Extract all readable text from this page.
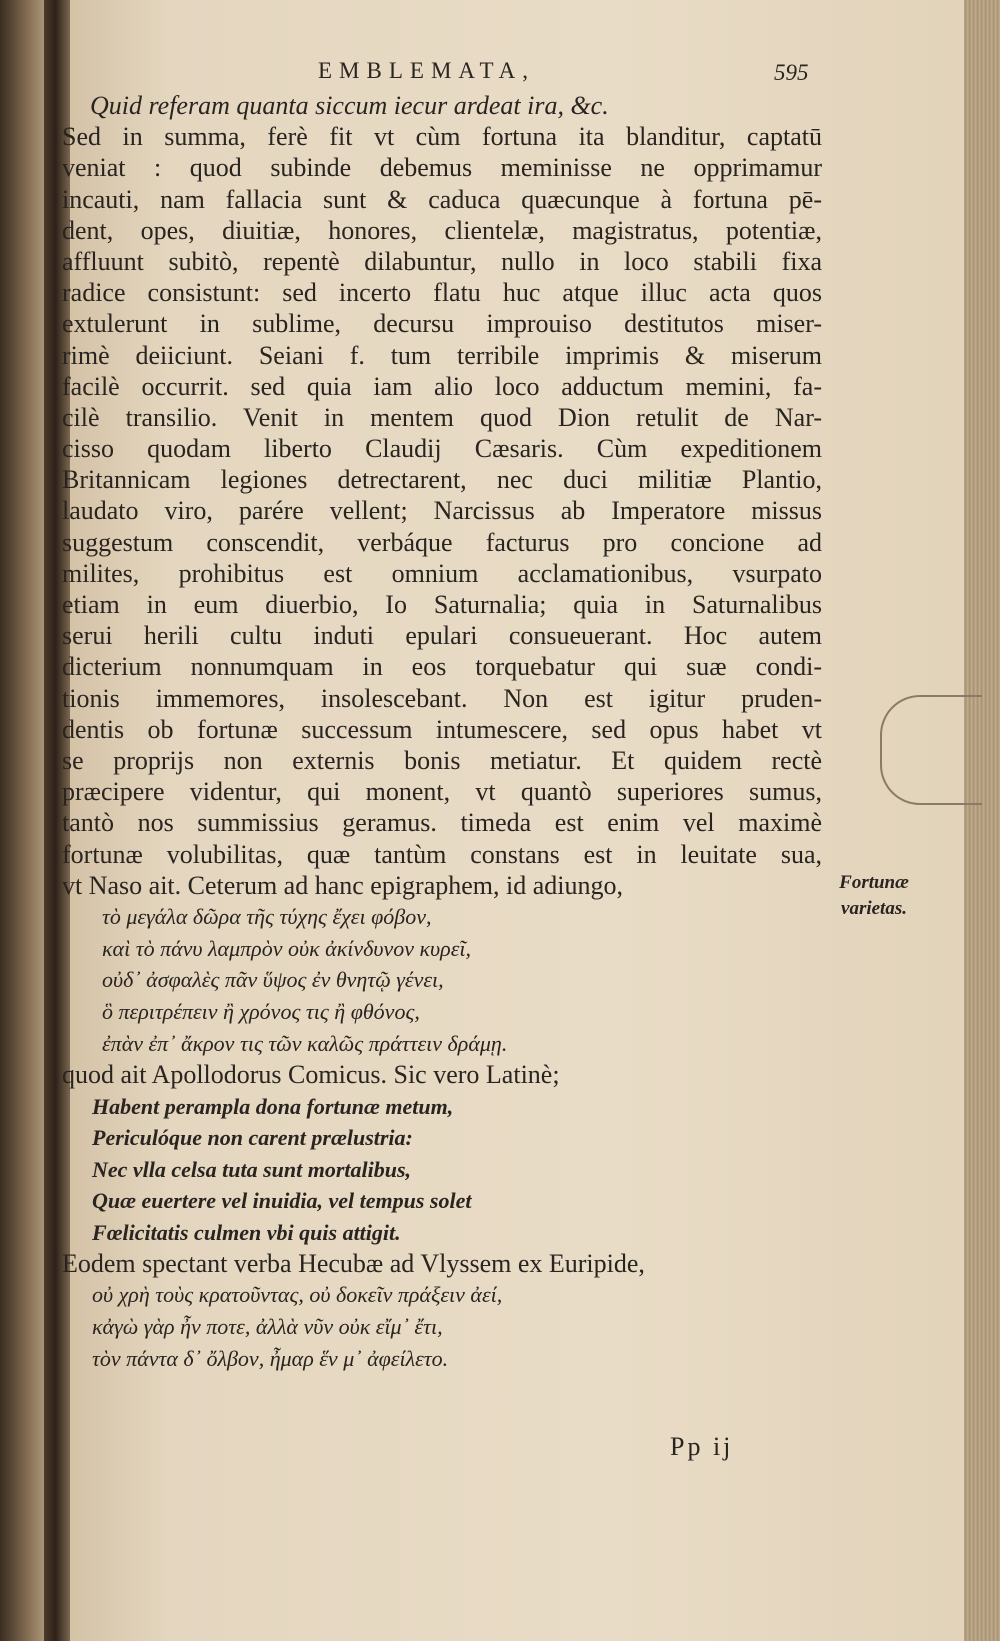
EMBLEMATA,	595
Quid referam quanta siccum iecur ardeat ira, &c.
Sed in summa, ferè fit vt cùm fortuna ita blanditur, captatū
veniat : quod subinde debemus meminisse ne opprimamur
incauti, nam fallacia sunt & caduca quæcunque à fortuna pē-
dent, opes, diuitiæ, honores, clientelæ, magistratus, potentiæ,
affluunt subitò, repentè dilabuntur, nullo in loco stabili fixa
radice consistunt: sed incerto flatu huc atque illuc acta quos
extulerunt in sublime, decursu improuiso destitutos miser-
rimè deiiciunt. Seiani f. tum terribile imprimis & miserum
facilè occurrit. sed quia iam alio loco adductum memini, fa-
cilè transilio. Venit in mentem quod Dion retulit de Nar-
cisso quodam liberto Claudij Cæsaris. Cùm expeditionem
Britannicam legiones detrectarent, nec duci militiæ Plantio,
laudato viro, parére vellent; Narcissus ab Imperatore missus
suggestum conscendit, verbáque facturus pro concione ad
milites, prohibitus est omnium acclamationibus, vsurpato
etiam in eum diuerbio, Io Saturnalia; quia in Saturnalibus
serui herili cultu induti epulari consueuerant. Hoc autem
dicterium nonnumquam in eos torquebatur qui suæ condi-
tionis immemores, insolescebant. Non est igitur pruden-
dentis ob fortunæ successum intumescere, sed opus habet vt
se proprijs non externis bonis metiatur. Et quidem rectè
præcipere videntur, qui monent, vt quantò superiores sumus,
tantò nos summissius geramus. timeda est enim vel maximè
fortunæ volubilitas, quæ tantùm constans est in leuitate sua,
vt Naso ait. Ceterum ad hanc epigraphem, id adiungo,
τὸ μεγάλα δῶρα τῆς τύχης ἔχει φόβον,
καὶ τὸ πάνυ λαμπρὸν οὐκ ἀκίνδυνον κυρεῖ,
οὐδ᾽ ἀσφαλὲς πᾶν ὕψος ἐν θνητῷ γένει,
ὃ περιτρέπειν ἢ χρόνος τις ἢ φθόνος,
ἐπὰν ἐπ᾽ ἄκρον τις τῶν καλῶς πράττειν δράμῃ.
quod ait Apollodorus Comicus. Sic vero Latinè;
Habent perampla dona fortunæ metum,
Periculóque non carent prælustria:
Nec vlla celsa tuta sunt mortalibus,
Quæ euertere vel inuidia, vel tempus solet
Fœlicitatis culmen vbi quis attigit.
Eodem spectant verba Hecubæ ad Vlyssem ex Euripide,
οὐ χρὴ τοὺς κρατοῦντας, οὐ δοκεῖν πράξειν ἀεί,
κἀγὼ γὰρ ἦν ποτε, ἀλλὰ νῦν οὐκ εἴμ᾽ ἔτι,
τὸν πάντα δ᾽ ὄλβον, ἦμαρ ἕν μ᾽ ἀφείλετο.
Fortunæ
varietas.
Pp ij
